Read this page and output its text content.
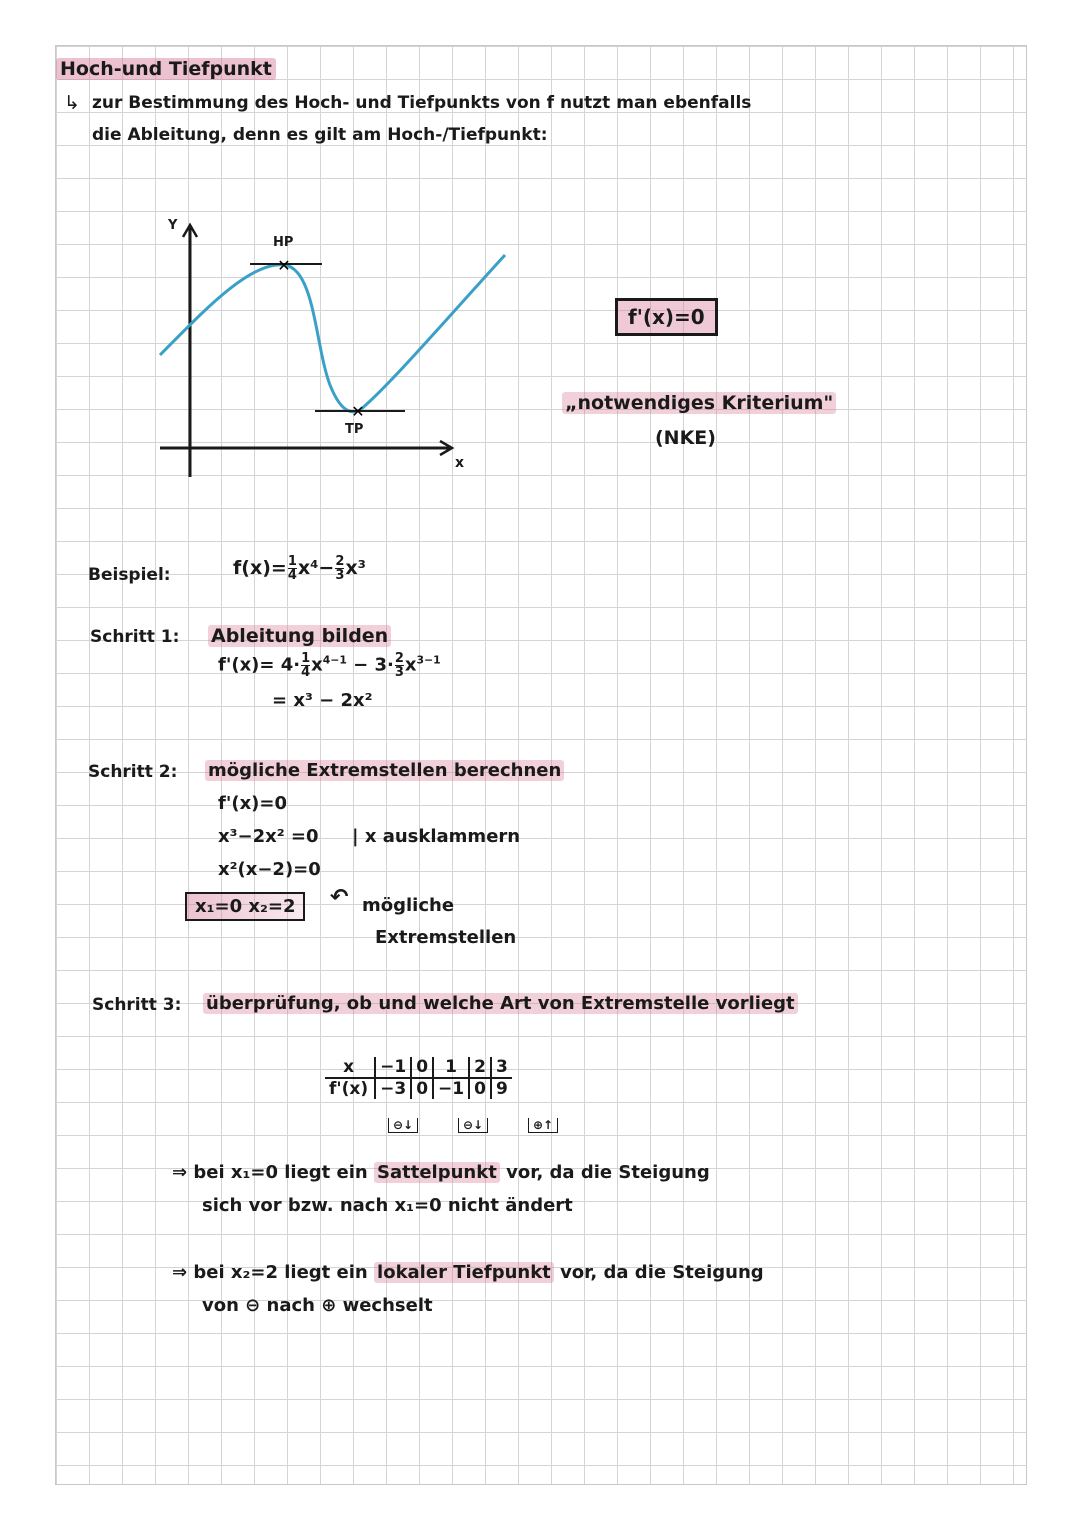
Hoch-und Tiefpunkt
↳ zur Bestimmung des Hoch- und Tiefpunkts von f nutzt man ebenfalls
die Ableitung, denn es gilt am Hoch-/Tiefpunkt:
✕
✕
Y
x
HP
TP
f'(x)=0
„notwendiges Kriterium"
(NKE)
Beispiel:	$f(x)= \frac{1}{4} x^4- \frac{2}{3} x^3$
Schritt 1: Ableitung bilden
$f'(x)= 4\cdot \frac{1}{4} x^{4-1} - 3\cdot \frac{2}{3} x^{3-1}$
= x³ − 2x²
Schritt 2: mögliche Extremstellen berechnen
f'(x)=0
x³−2x² =0 | x ausklammern
x²(x−2)=0
x₁=0 x₂=2	↶ mögliche
Extremstellen
Schritt 3: überprüfung, ob und welche Art von Extremstelle vorliegt
x	−1	0	1	2	3
f'(x)	−3	0	−1	0	9
⊖↓	⊖↓	⊕↑
⇒ bei x₁=0 liegt ein Sattelpunkt vor, da die Steigung
sich vor bzw. nach x₁=0 nicht ändert
⇒ bei x₂=2 liegt ein lokaler Tiefpunkt vor, da die Steigung
von ⊖ nach ⊕ wechselt
